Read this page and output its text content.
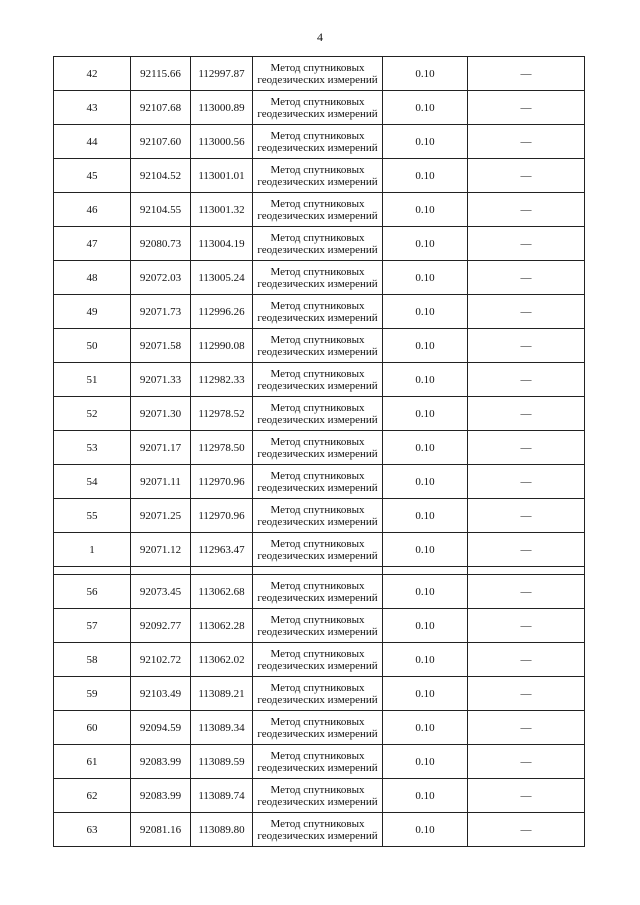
4
42	92115.66	112997.87	Метод спутниковых
геодезических измерений	0.10	—
43	92107.68	113000.89	Метод спутниковых
геодезических измерений	0.10	—
44	92107.60	113000.56	Метод спутниковых
геодезических измерений	0.10	—
45	92104.52	113001.01	Метод спутниковых
геодезических измерений	0.10	—
46	92104.55	113001.32	Метод спутниковых
геодезических измерений	0.10	—
47	92080.73	113004.19	Метод спутниковых
геодезических измерений	0.10	—
48	92072.03	113005.24	Метод спутниковых
геодезических измерений	0.10	—
49	92071.73	112996.26	Метод спутниковых
геодезических измерений	0.10	—
50	92071.58	112990.08	Метод спутниковых
геодезических измерений	0.10	—
51	92071.33	112982.33	Метод спутниковых
геодезических измерений	0.10	—
52	92071.30	112978.52	Метод спутниковых
геодезических измерений	0.10	—
53	92071.17	112978.50	Метод спутниковых
геодезических измерений	0.10	—
54	92071.11	112970.96	Метод спутниковых
геодезических измерений	0.10	—
55	92071.25	112970.96	Метод спутниковых
геодезических измерений	0.10	—
1	92071.12	112963.47	Метод спутниковых
геодезических измерений	0.10	—

56	92073.45	113062.68	Метод спутниковых
геодезических измерений	0.10	—
57	92092.77	113062.28	Метод спутниковых
геодезических измерений	0.10	—
58	92102.72	113062.02	Метод спутниковых
геодезических измерений	0.10	—
59	92103.49	113089.21	Метод спутниковых
геодезических измерений	0.10	—
60	92094.59	113089.34	Метод спутниковых
геодезических измерений	0.10	—
61	92083.99	113089.59	Метод спутниковых
геодезических измерений	0.10	—
62	92083.99	113089.74	Метод спутниковых
геодезических измерений	0.10	—
63	92081.16	113089.80	Метод спутниковых
геодезических измерений	0.10	—
